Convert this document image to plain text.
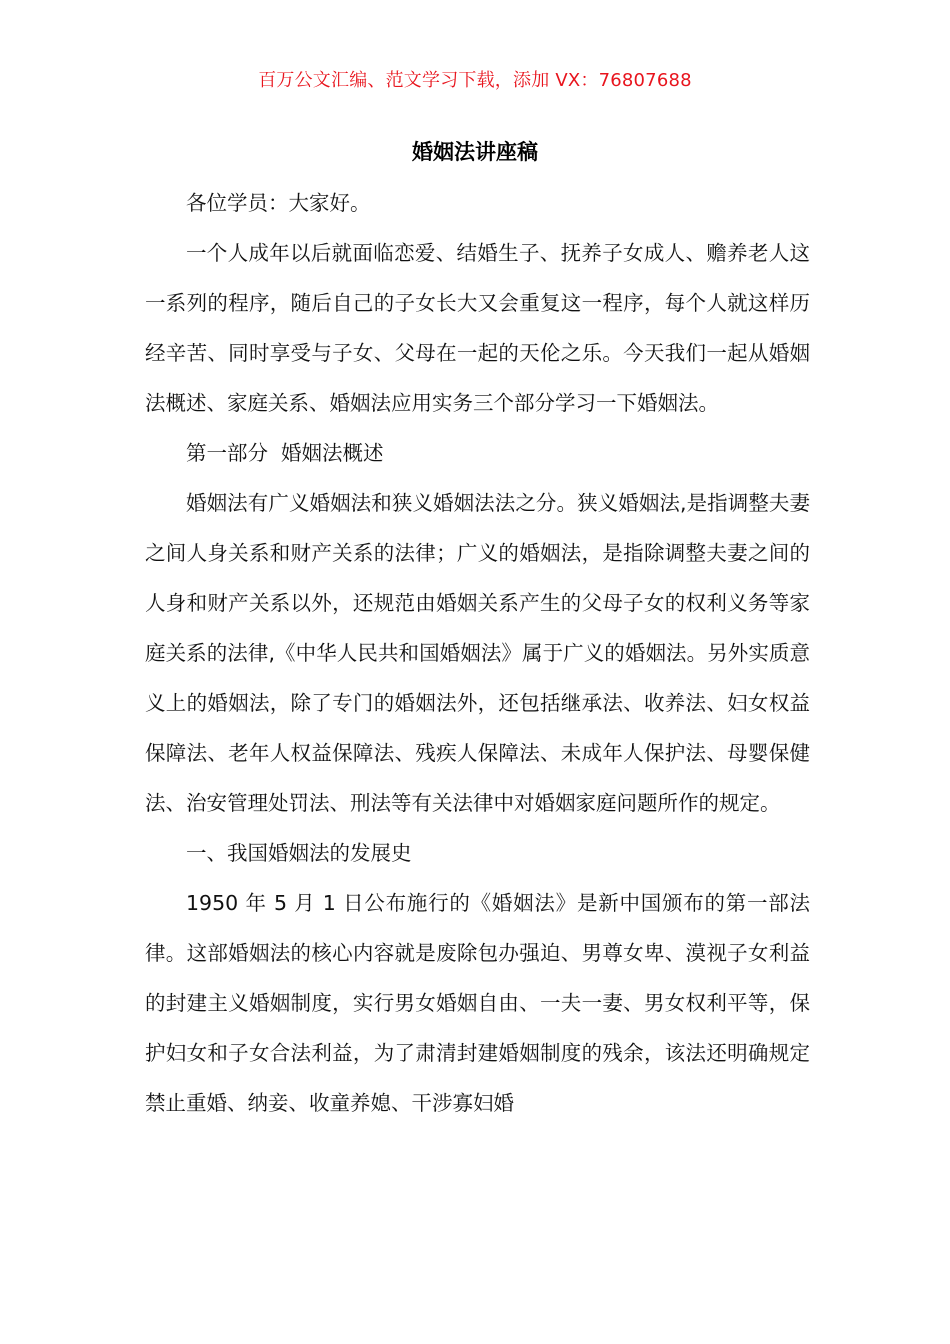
百万公文汇编、范文学习下载，添加 VX：76807688
婚姻法讲座稿

各位学员：大家好。

一个人成年以后就面临恋爱、结婚生子、抚养子女成人、赡养老人这一系列的程序，随后自己的子女长大又会重复这一程序，每个人就这样历经辛苦、同时享受与子女、父母在一起的天伦之乐。今天我们一起从婚姻法概述、家庭关系、婚姻法应用实务三个部分学习一下婚姻法。

第一部分  婚姻法概述

婚姻法有广义婚姻法和狭义婚姻法法之分。狭义婚姻法,是指调整夫妻之间人身关系和财产关系的法律；广义的婚姻法，是指除调整夫妻之间的人身和财产关系以外，还规范由婚姻关系产生的父母子女的权利义务等家庭关系的法律,《中华人民共和国婚姻法》属于广义的婚姻法。另外实质意义上的婚姻法，除了专门的婚姻法外，还包括继承法、收养法、妇女权益保障法、老年人权益保障法、残疾人保障法、未成年人保护法、母婴保健法、治安管理处罚法、刑法等有关法律中对婚姻家庭问题所作的规定。

一、我国婚姻法的发展史

1950 年 5 月 1 日公布施行的《婚姻法》是新中国颁布的第一部法律。这部婚姻法的核心内容就是废除包办强迫、男尊女卑、漠视子女利益的封建主义婚姻制度，实行男女婚姻自由、一夫一妻、男女权利平等，保护妇女和子女合法利益，为了肃清封建婚姻制度的残余，该法还明确规定禁止重婚、纳妾、收童养媳、干涉寡妇婚
